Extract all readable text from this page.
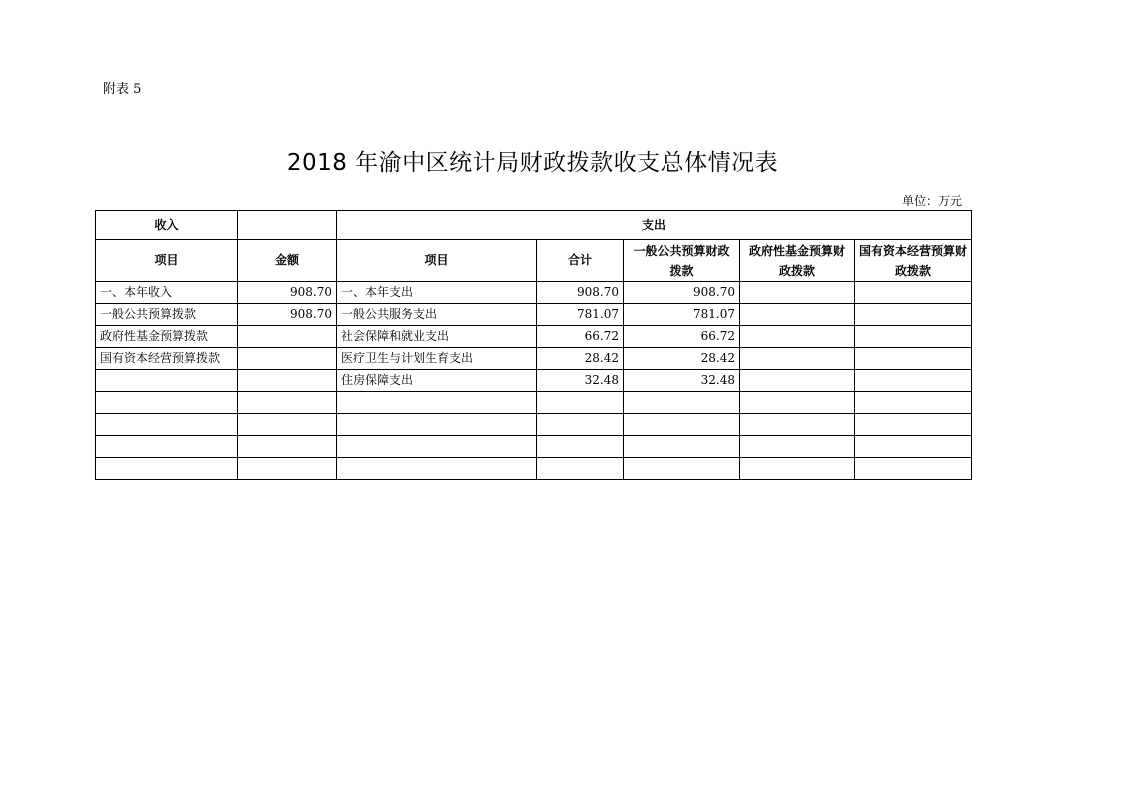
附表 5
2018 年渝中区统计局财政拨款收支总体情况表
单位：万元
收入		支出				
项目	金额	项目	合计	一般公共预算财政拨款	政府性基金预算财政拨款	国有资本经营预算财政拨款
一、本年收入	908.70	一、本年支出	908.70	908.70		
一般公共预算拨款	908.70	一般公共服务支出	781.07	781.07		
政府性基金预算拨款		社会保障和就业支出	66.72	66.72		
国有资本经营预算拨款		医疗卫生与计划生育支出	28.42	28.42		
		住房保障支出	32.48	32.48		
